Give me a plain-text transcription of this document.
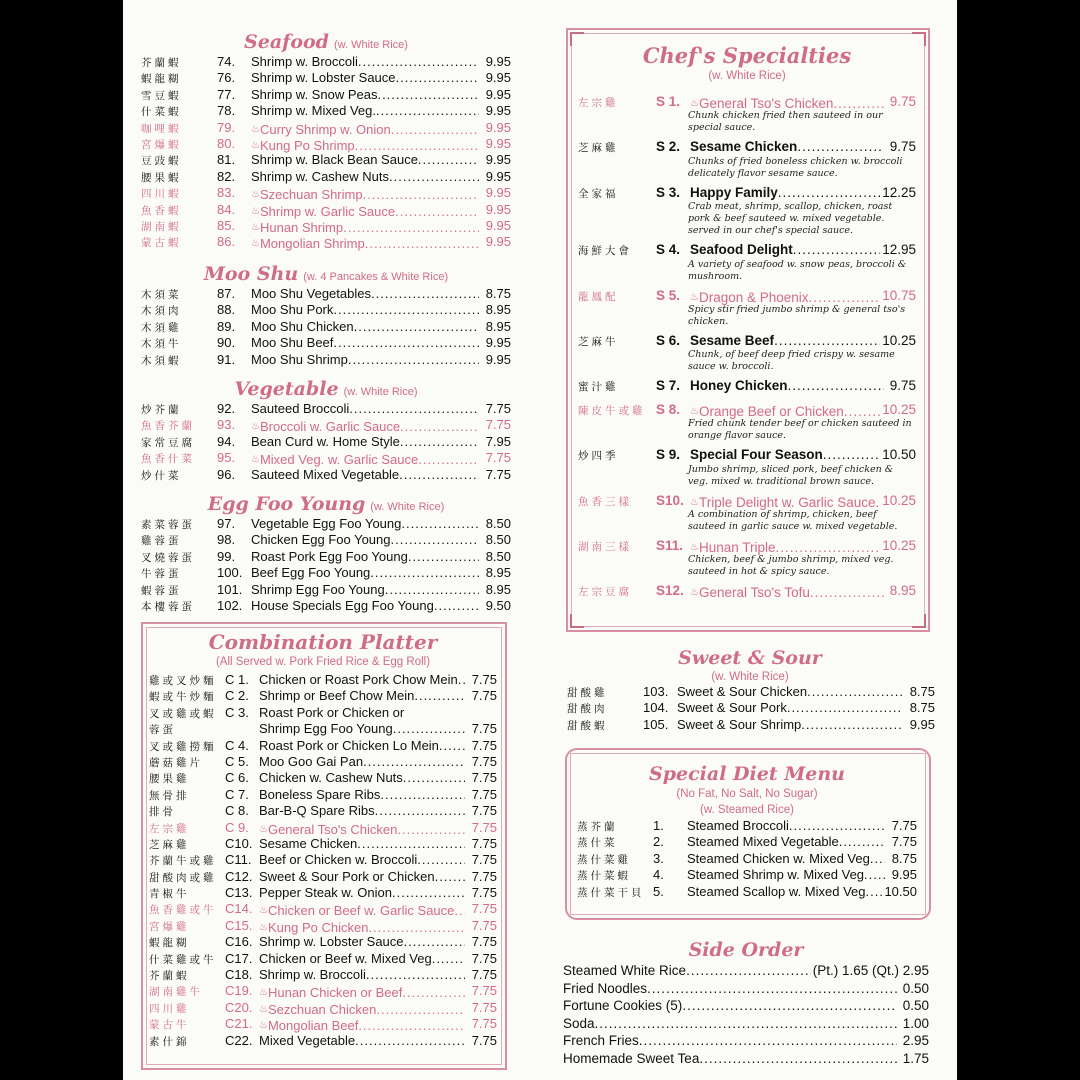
Seafood (w. White Rice)
芥蘭蝦	74.	Shrimp w. Broccoli .....	9.95
蝦龍糊	76.	Shrimp w. Lobster Sauce .....	9.95
雪豆蝦	77.	Shrimp w. Snow Peas .....	9.95
什菜蝦	78.	Shrimp w. Mixed Veg. .....	9.95
咖哩蝦	79.	♨ Curry Shrimp w. Onion .....	9.95
宮爆蝦	80.	♨ Kung Po Shrimp .....	9.95
豆豉蝦	81.	Shrimp w. Black Bean Sauce .....	9.95
腰果蝦	82.	Shrimp w. Cashew Nuts .....	9.95
四川蝦	83.	♨ Szechuan Shrimp .....	9.95
魚香蝦	84.	♨ Shrimp w. Garlic Sauce .....	9.95
湖南蝦	85.	♨ Hunan Shrimp .....	9.95
蒙古蝦	86.	♨ Mongolian Shrimp .....	9.95
Moo Shu (w. 4 Pancakes & White Rice)
木須菜	87.	Moo Shu Vegetables .....	8.75
木須肉	88.	Moo Shu Pork .....	8.95
木須雞	89.	Moo Shu Chicken .....	8.95
木須牛	90.	Moo Shu Beef .....	9.95
木須蝦	91.	Moo Shu Shrimp .....	9.95
Vegetable (w. White Rice)
炒芥蘭	92.	Sauteed Broccoli .....	7.75
魚香芥蘭	93.	♨ Broccoli w. Garlic Sauce .....	7.75
家常豆腐	94.	Bean Curd w. Home Style .....	7.95
魚香什菜	95.	♨ Mixed Veg. w. Garlic Sauce .....	7.75
炒什菜	96.	Sauteed Mixed Vegetable .....	7.75
Egg Foo Young (w. White Rice)
素菜蓉蛋	97.	Vegetable Egg Foo Young .....	8.50
雞蓉蛋	98.	Chicken Egg Foo Young .....	8.50
叉燒蓉蛋	99.	Roast Pork Egg Foo Young .....	8.50
牛蓉蛋	100. Beef Egg Foo Young .....	8.95
蝦蓉蛋	101. Shrimp Egg Foo Young .....	8.95
本樓蓉蛋	102. House Specials Egg Foo Young .....	9.50
Combination Platter
(All Served w. Pork Fried Rice & Egg Roll)
雞或叉炒麵 C 1. Chicken or Roast Pork Chow Mein .....	7.75
蝦或牛炒麵 C 2. Shrimp or Beef Chow Mein .....	7.75
叉或雞或蝦 C 3. Roast Pork or Chicken or
蓉蛋	Shrimp Egg Foo Young .....	7.75
叉或雞撈麵 C 4. Roast Pork or Chicken Lo Mein .....	7.75
蘑菇雞片	C 5. Moo Goo Gai Pan .....	7.75
腰果雞	C 6. Chicken w. Cashew Nuts .....	7.75
無骨排	C 7. Boneless Spare Ribs .....	7.75
排骨	C 8. Bar-B-Q Spare Ribs .....	7.75
左宗雞	C 9.	♨ General Tso's Chicken .....	7.75
芝麻雞	C10. Sesame Chicken .....	7.75
芥蘭牛或雞 C11. Beef or Chicken w. Broccoli .....	7.75
甜酸肉或雞 C12. Sweet & Sour Pork or Chicken .....	7.75
青椒牛	C13. Pepper Steak w. Onion .....	7.75
魚香雞或牛 C14. ♨ Chicken or Beef w. Garlic Sauce .....	7.75
宮爆雞	C15. ♨ Kung Po Chicken .....	7.75
蝦龍糊	C16. Shrimp w. Lobster Sauce .....	7.75
什菜雞或牛 C17. Chicken or Beef w. Mixed Veg .....	7.75
芥蘭蝦	C18. Shrimp w. Broccoli .....	7.75
湖南雞牛	C19. ♨ Hunan Chicken or Beef .....	7.75
四川雞	C20. ♨ Sezchuan Chicken .....	7.75
蒙古牛	C21. ♨ Mongolian Beef .....	7.75
素什錦	C22. Mixed Vegetable .....	7.75
Chef's Specialties
(w. White Rice)
左宗雞	S 1. ♨ General Tso's Chicken .....	9.75
Chunk chicken fried then sauteed in our special sauce.
芝麻雞	S 2. Sesame Chicken .....	9.75
Chunks of fried boneless chicken w. broccoli delicately flavor sesame sauce.
全家福	S 3. Happy Family .....	12.25
Crab meat, shrimp, scallop, chicken, roast pork & beef sauteed w. mixed vegetable. served in our chef's special sauce.
海鮮大會	S 4. Seafood Delight .....	12.95
A variety of seafood w. snow peas, broccoli & mushroom.
龍鳳配	S 5. ♨ Dragon & Phoenix .....	10.75
Spicy stir fried jumbo shrimp & general tso's chicken.
芝麻牛	S 6. Sesame Beef .....	10.25
Chunk, of beef deep fried crispy w. sesame sauce w. broccoli.
蜜汁雞	S 7. Honey Chicken .....	9.75
陳皮牛或雞 S 8. ♨ Orange Beef or Chicken .....	10.25
Fried chunk tender beef or chicken sauteed in orange flavor sauce.
炒四季	S 9. Special Four Season .....	10.50
Jumbo shrimp, sliced pork, beef chicken & veg. mixed w. traditional brown sauce.
魚香三樣	S10. ♨ Triple Delight w. Garlic Sauce ..... 10.25
A combination of shrimp, chicken, beef sauteed in garlic sauce w. mixed vegetable.
湖南三樣	S11. ♨ Hunan Triple .....	10.25
Chicken, beef & jumbo shrimp, mixed veg. sauteed in hot & spicy sauce.
左宗豆腐	S12. ♨ General Tso's Tofu .....	8.95
Sweet & Sour
(w. White Rice)
甜酸雞	103. Sweet & Sour Chicken .....	8.75
甜酸肉	104. Sweet & Sour Pork .....	8.75
甜酸蝦	105. Sweet & Sour Shrimp .....	9.95
Special Diet Menu
(No Fat, No Salt, No Sugar)
(w. Steamed Rice)
蒸芥蘭	1.	Steamed Broccoli .....	7.75
蒸什菜	2.	Steamed Mixed Vegetable .....	7.75
蒸什菜雞	3.	Steamed Chicken w. Mixed Veg .....	8.75
蒸什菜蝦	4.	Steamed Shrimp w. Mixed Veg .....	9.95
蒸什菜干貝 5.	Steamed Scallop w. Mixed Veg ..... 10.50
Side Order
Steamed White Rice .....	(Pt.) 1.65 (Qt.) 2.95
Fried Noodles .....	0.50
Fortune Cookies (5) .....	0.50
Soda .....	1.00
French Fries .....	2.95
Homemade Sweet Tea .....	1.75
